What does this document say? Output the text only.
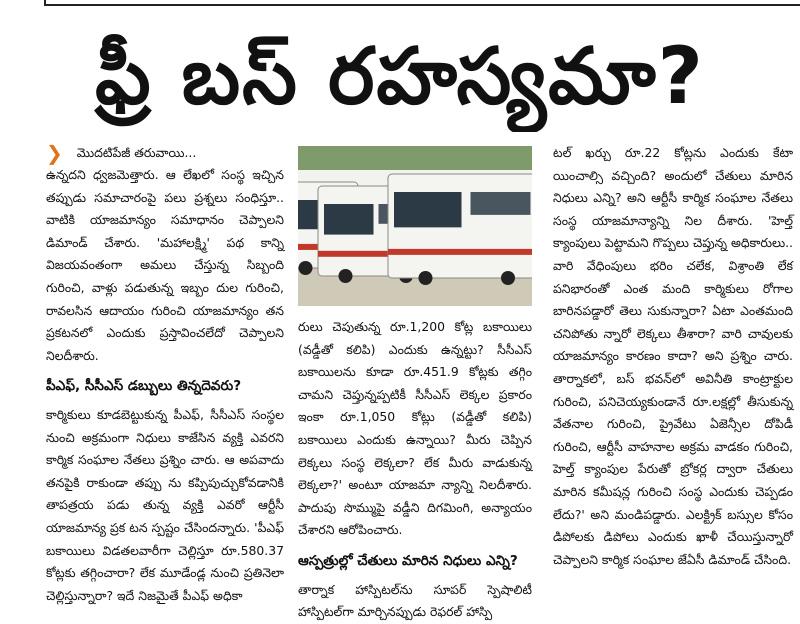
ఫ్రీ బస్ రహస్యమా?
❯ మొదటిపేజీ తరువాయి...

ఉన్నదని ధ్వజమెత్తారు. ఆ లేఖలో సంస్థ ఇచ్చిన తప్పుడు సమాచారంపై పలు ప్రశ్నలు సంధిస్తూ.. వాటికి యాజమాన్యం సమాధానం చెప్పాలని డిమాండ్ చేశారు. 'మహాలక్ష్మి' పథ కాన్ని విజయవంతంగా అమలు చేస్తున్న సిబ్బంది గురించి, వాళ్లు పడుతున్న ఇబ్బం దుల గురించి, రావలసిన ఆదాయం గురించి యాజమాన్యం తన ప్రకటనలో ఎందుకు ప్రస్తావించలేదో చెప్పాలని నిలదీశారు.

పీఎఫ్, సీసీఎస్ డబ్బులు తిన్నదెవరు?

కార్మికులు కూడబెట్టుకున్న పీఎఫ్, సీసీఎస్ సంస్థల నుంచి అక్రమంగా నిధులు కాజేసిన వ్యక్తి ఎవరని కార్మిక సంఘాల నేతలు ప్రశ్నిం చారు. ఆ అపవాదు తనపైకి రాకుండా తప్పు ను కప్పిపుచ్చుకోవడానికి తాపత్రయ పడు తున్న వ్యక్తి ఎవరో ఆర్టీసీ యాజమాన్య ప్రక టన స్పష్టం చేసిందన్నారు. 'పీఎఫ్ బకాయిలు విడతలవారీగా చెల్లిస్తూ రూ.580.37 కోట్లకు తగ్గించారా? లేక మూడేండ్ల నుంచి ప్రతినెలా చెల్లిస్తున్నారా? ఇదే నిజమైతే పీఎఫ్ అధికా

రులు చెపుతున్న రూ.1,200 కోట్ల బకాయిలు (వడ్డీతో కలిపి) ఎందుకు ఉన్నట్టు? సీసీఎస్ బకాయిలను కూడా రూ.451.9 కోట్లకు తగ్గిం చామని చెప్తున్నప్పటికీ సీసీఎస్ లెక్కల ప్రకారం ఇంకా రూ.1,050 కోట్లు (వడ్డీతో కలిపి) బకాయిలు ఎందుకు ఉన్నాయి? మీరు చెప్పిన లెక్కలు సంస్థ లెక్కలా? లేక మీరు వాడుకున్న లెక్కలా?' అంటూ యాజమా న్యాన్ని నిలదీశారు. పాదుపు సొమ్ముపై వడ్డీని దిగమింగి, అన్యాయం చేశారని ఆరోపించారు.

ఆస్పత్రుల్లో చేతులు మారిన నిధులు ఎన్ని?

తార్నాక హాస్పిటల్‌ను సూపర్ స్పెషాలిటీ హాస్పిటల్‌గా మార్చినప్పుడు రెఫరల్ హాస్పి

టల్ ఖర్చు రూ.22 కోట్లను ఎందుకు కేటా యించాల్సి వచ్చింది? అందులో చేతులు మారిన నిధులు ఎన్ని? అని ఆర్టీసీ కార్మిక సంఘాల నేతలు సంస్థ యాజమాన్యాన్ని నిల దీశారు. 'హెల్త్ క్యాంపులు పెట్టామని గొప్పలు చెప్తున్న అధికారులు.. వారి వేధింపులు భరిం చలేక, విశ్రాంతి లేక పనిభారంతో ఎంత మంది కార్మికులు రోగాల బారినపడ్డారో తెలు సుకున్నారా? ఏటా ఎంతమంది చనిపోతు న్నారో లెక్కలు తీశారా? వారి చావులకు యాజమాన్యం కారణం కాదా? అని ప్రశ్నిం చారు. తార్నాకలో, బస్ భవన్‌లో అవినీతి కాంట్రాక్టుల గురించి, పనిచెయ్యకుండానే రూ.లక్షల్లో తీసుకున్న వేతనాల గురించి, ప్రైవేటు ఏజెన్సీల దోపిడీ గురించి, ఆర్టీసీ వాహనాల అక్రమ వాడకం గురించి, హెల్త్ క్యాంపుల పేరుతో బ్రోకర్ల ద్వారా చేతులు మారిన కమీషన్ల గురించి సంస్థ ఎందుకు చెప్పడం లేదు?' అని మండిపడ్డారు. ఎలక్ట్రిక్ బస్సుల కోసం డిపోలకు డిపోలు ఎందుకు ఖాళీ చేయిస్తున్నారో చెప్పాలని కార్మిక సంఘాల జేఏసీ డిమాండ్ చేసింది.
